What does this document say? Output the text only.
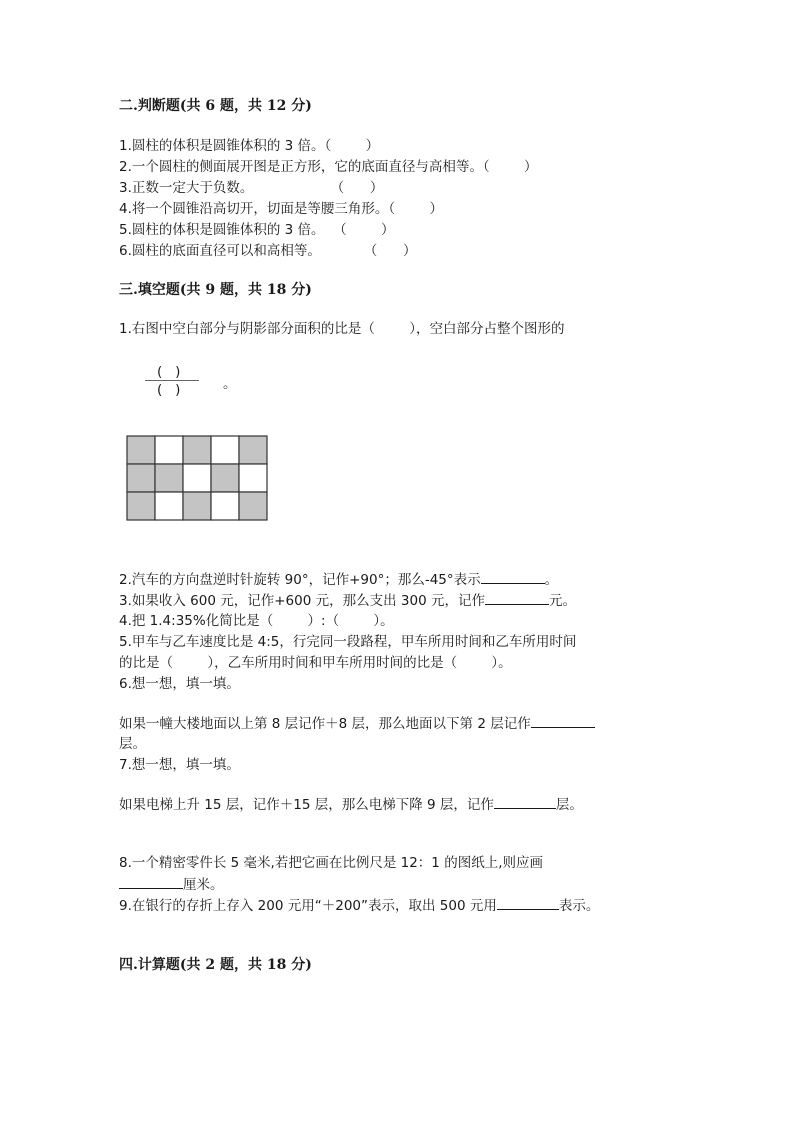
二.判断题(共 6 题，共 12 分)
1.圆柱的体积是圆锥体积的 3 倍。（        ）
2.一个圆柱的侧面展开图是正方形，它的底面直径与高相等。（        ）
3.正数一定大于负数。                  （      ）
4.将一个圆锥沿高切开，切面是等腰三角形。（        ）
5.圆柱的体积是圆锥体积的 3 倍。  （        ）
6.圆柱的底面直径可以和高相等。          （      ）
三.填空题(共 9 题，共 18 分)
1.右图中空白部分与阴影部分面积的比是（        ），空白部分占整个图形的
(   )
(   )	。
2.汽车的方向盘逆时针旋转 90°，记作+90°；那么-45°表示	。
3.如果收入 600 元，记作+600 元，那么支出 300 元，记作	元。
4.把 1.4:35%化简比是（        ）:（        ）。
5.甲车与乙车速度比是 4:5，行完同一段路程，甲车所用时间和乙车所用时间
的比是（        ），乙车所用时间和甲车所用时间的比是（        ）。
6.想一想，填一填。
如果一幢大楼地面以上第 8 层记作＋8 层，那么地面以下第 2 层记作
层。
7.想一想，填一填。
如果电梯上升 15 层，记作＋15 层，那么电梯下降 9 层，记作	层。
8.一个精密零件长 5 毫米,若把它画在比例尺是 12：1 的图纸上,则应画
厘米。
9.在银行的存折上存入 200 元用“＋200”表示，取出 500 元用	表示。
四.计算题(共 2 题，共 18 分)
